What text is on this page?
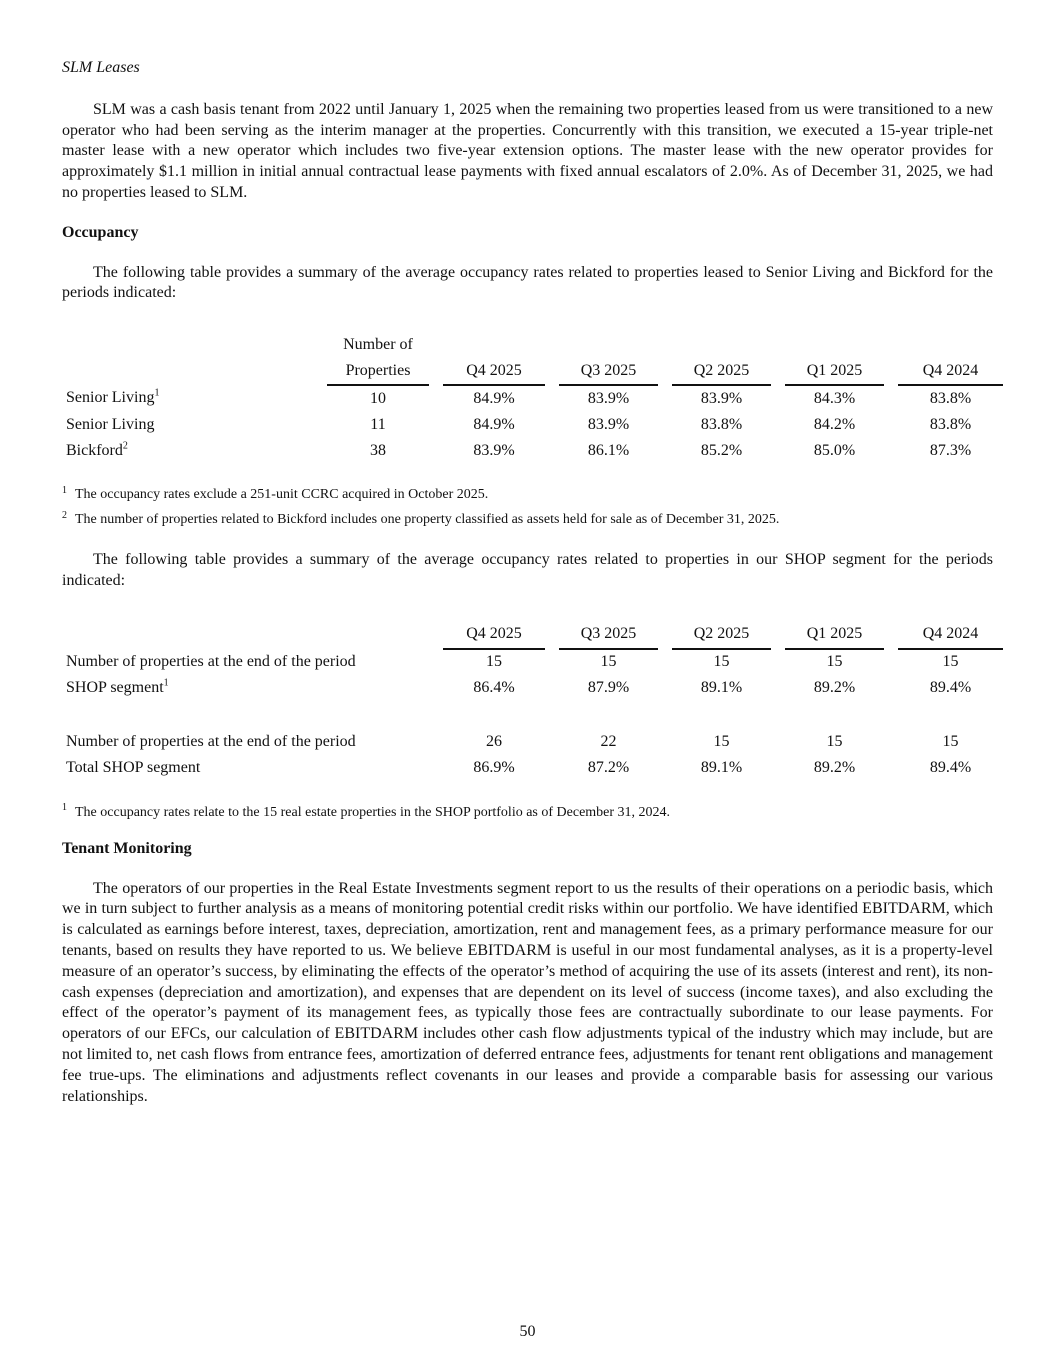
SLM Leases

SLM was a cash basis tenant from 2022 until January 1, 2025 when the remaining two properties leased from us were transitioned to a new operator who had been serving as the interim manager at the properties. Concurrently with this transition, we executed a 15-year triple-net master lease with a new operator which includes two five-year extension options. The master lease with the new operator provides for approximately $1.1 million in initial annual contractual lease payments with fixed annual escalators of 2.0%. As of December 31, 2025, we had no properties leased to SLM.

Occupancy

The following table provides a summary of the average occupancy rates related to properties leased to Senior Living and Bickford for the periods indicated:

	Number of										
	Properties		Q4 2025		Q3 2025		Q2 2025		Q1 2025		Q4 2024
Senior Living$^1$	10		84.9%		83.9%		83.9%		84.3%		83.8%
Senior Living	11		84.9%		83.9%		83.8%		84.2%		83.8%
Bickford$^2$	38		83.9%		86.1%		85.2%		85.0%		87.3%
$^1$ The occupancy rates exclude a 251-unit CCRC acquired in October 2025.
$^2$ The number of properties related to Bickford includes one property classified as assets held for sale as of December 31, 2025.

The following table provides a summary of the average occupancy rates related to properties in our SHOP segment for the periods indicated:

		Q4 2025		Q3 2025		Q2 2025		Q1 2025		Q4 2024
Number of properties at the end of the period		15		15		15		15		15
SHOP segment$^1$		86.4%		87.9%		89.1%		89.2%		89.4%

Number of properties at the end of the period		26		22		15		15		15
Total SHOP segment		86.9%		87.2%		89.1%		89.2%		89.4%
$^1$ The occupancy rates relate to the 15 real estate properties in the SHOP portfolio as of December 31, 2024.
Tenant Monitoring

The operators of our properties in the Real Estate Investments segment report to us the results of their operations on a periodic basis, which we in turn subject to further analysis as a means of monitoring potential credit risks within our portfolio. We have identified EBITDARM, which is calculated as earnings before interest, taxes, depreciation, amortization, rent and management fees, as a primary performance measure for our tenants, based on results they have reported to us. We believe EBITDARM is useful in our most fundamental analyses, as it is a property-level measure of an operator’s success, by eliminating the effects of the operator’s method of acquiring the use of its assets (interest and rent), its non-cash expenses (depreciation and amortization), and expenses that are dependent on its level of success (income taxes), and also excluding the effect of the operator’s payment of its management fees, as typically those fees are contractually subordinate to our lease payments. For operators of our EFCs, our calculation of EBITDARM includes other cash flow adjustments typical of the industry which may include, but are not limited to, net cash flows from entrance fees, amortization of deferred entrance fees, adjustments for tenant rent obligations and management fee true-ups. The eliminations and adjustments reflect covenants in our leases and provide a comparable basis for assessing our various relationships.

50
